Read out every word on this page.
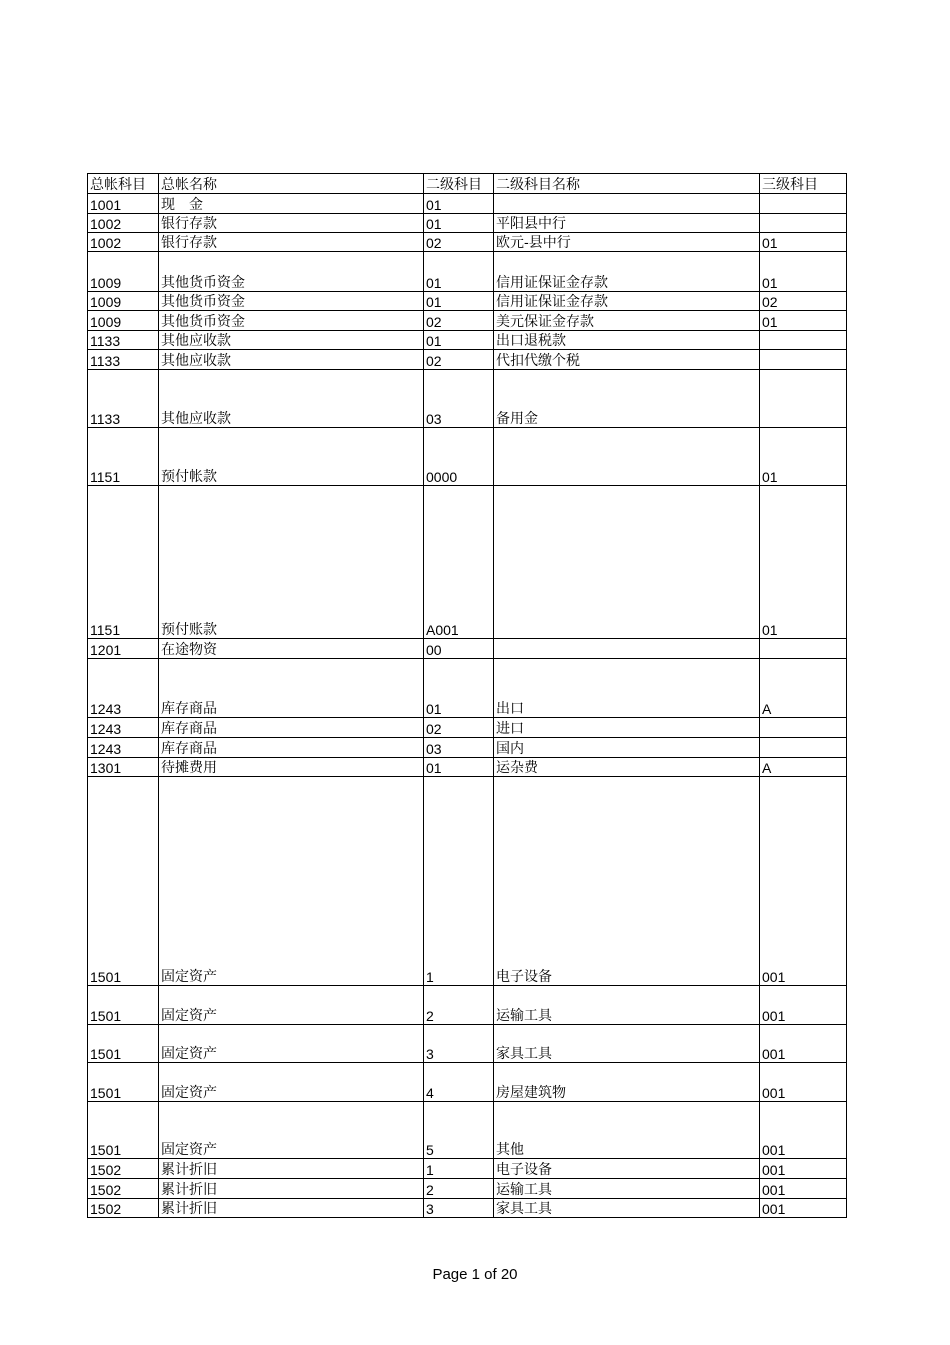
总帐科目	总帐名称	二级科目	二级科目名称	三级科目
1001	现　金	01		
1002	银行存款	01	平阳县中行	
1002	银行存款	02	欧元-县中行	01
1009	其他货币资金	01	信用证保证金存款	01
1009	其他货币资金	01	信用证保证金存款	02
1009	其他货币资金	02	美元保证金存款	01
1133	其他应收款	01	出口退税款	
1133	其他应收款	02	代扣代缴个税	
1133	其他应收款	03	备用金	
1151	预付帐款	0000		01
1151	预付账款	A001		01
1201	在途物资	00		
1243	库存商品	01	出口	A
1243	库存商品	02	进口	
1243	库存商品	03	国内	
1301	待摊费用	01	运杂费	A
1501	固定资产	1	电子设备	001
1501	固定资产	2	运输工具	001
1501	固定资产	3	家具工具	001
1501	固定资产	4	房屋建筑物	001
1501	固定资产	5	其他	001
1502	累计折旧	1	电子设备	001
1502	累计折旧	2	运输工具	001
1502	累计折旧	3	家具工具	001
Page 1 of 20
